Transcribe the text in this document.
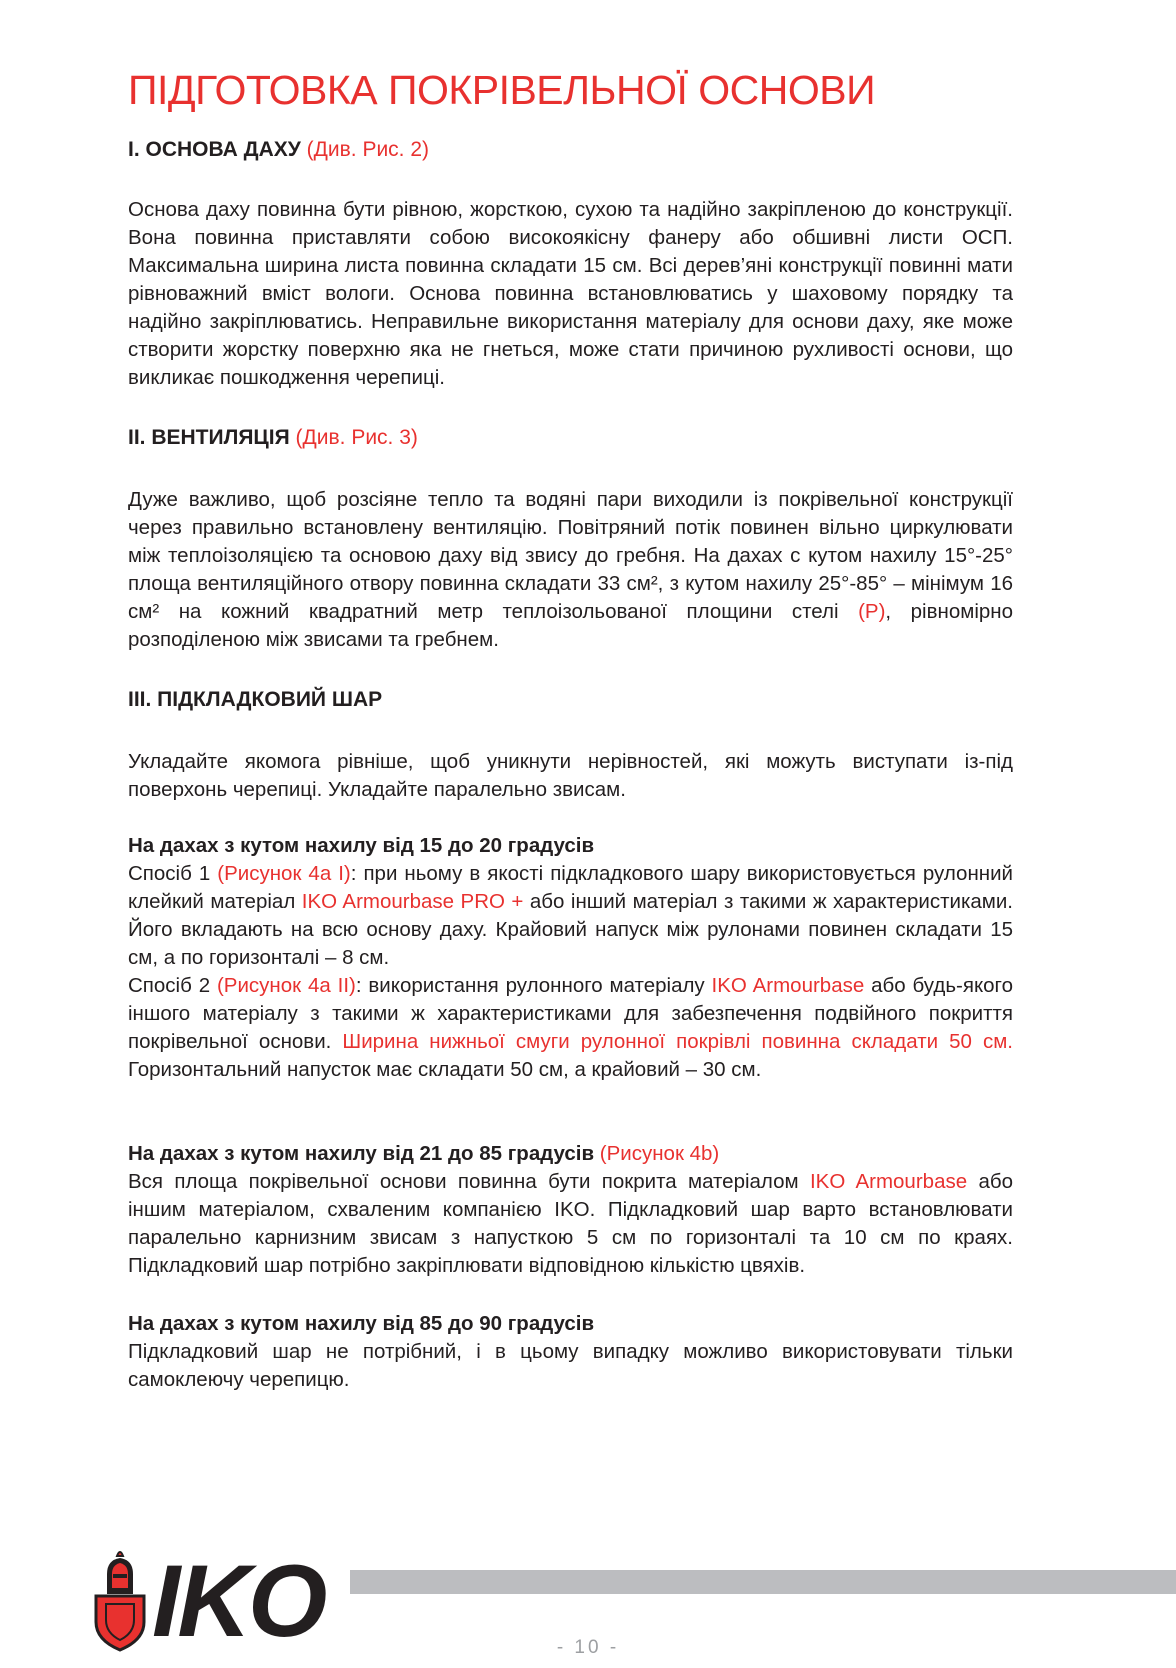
ПІДГОТОВКА ПОКРІВЕЛЬНОЇ ОСНОВИ
I. ОСНОВА ДАХУ (Див. Рис. 2)

Основа даху повинна бути рівною, жорсткою, сухою та надійно закріпленою до конструкції. Вона повинна приставляти собою високоякісну фанеру або обшивні листи ОСП. Максимальна ширина листа повинна складати 15 см. Всі дерев’яні конструкції повинні мати рівноважний вміст вологи. Основа повинна встановлюватись у шаховому порядку та надійно закріплюватись. Неправильне використання матеріалу для основи даху, яке може створити жорстку поверхню яка не гнеться, може стати причиною рухливості основи, що викликає пошкодження черепиці.

II. ВЕНТИЛЯЦІЯ (Див. Рис. 3)

Дуже важливо, щоб розсіяне тепло та водяні пари виходили із покрівельної конструкції через правильно встановлену вентиляцію. Повітряний потік повинен вільно циркулювати між теплоізоляцією та основою даху від звису до гребня. На дахах с кутом нахилу 15°-25° площа вентиляційного отвору повинна складати 33 см², з кутом нахилу 25°-85° – мінімум 16 см² на кожний квадратний метр теплоізольованої площини стелі (Р), рівномірно розподіленою між звисами та гребнем.

III. ПІДКЛАДКОВИЙ ШАР

Укладайте якомога рівніше, щоб уникнути нерівностей, які можуть виступати із-під поверхонь черепиці. Укладайте паралельно звисам.

На дахах з кутом нахилу від 15 до 20 градусів
Спосіб 1 (Рисунок 4а I): при ньому в якості підкладкового шару використовується рулонний клейкий матеріал IKO Armourbase PRO + або інший матеріал з такими ж характеристиками. Його вкладають на всю основу даху. Крайовий напуск між рулонами повинен складати 15 см, а по горизонталі – 8 см.
Спосіб 2 (Рисунок 4а II): використання рулонного матеріалу IKO Armourbase або будь-якого іншого матеріалу з такими ж характеристиками для забезпечення подвійного покриття покрівельної основи. Ширина нижньої смуги рулонної покрівлі повинна складати 50 см. Горизонтальний напусток має складати 50 см, а крайовий – 30 см.

На дахах з кутом нахилу від 21 до 85 градусів (Рисунок 4b)
Вся площа покрівельної основи повинна бути покрита матеріалом IKO Armourbase або іншим матеріалом, схваленим компанією IKO. Підкладковий шар варто встановлювати паралельно карнизним звисам з напусткою 5 см по горизонталі та 10 см по краях. Підкладковий шар потрібно закріплювати відповідною кількістю цвяхів.

На дахах з кутом нахилу від 85 до 90 градусів
Підкладковий шар не потрібний, і в цьому випадку можливо використовувати тільки самоклеючу черепицю.

IKO	- 10 -
